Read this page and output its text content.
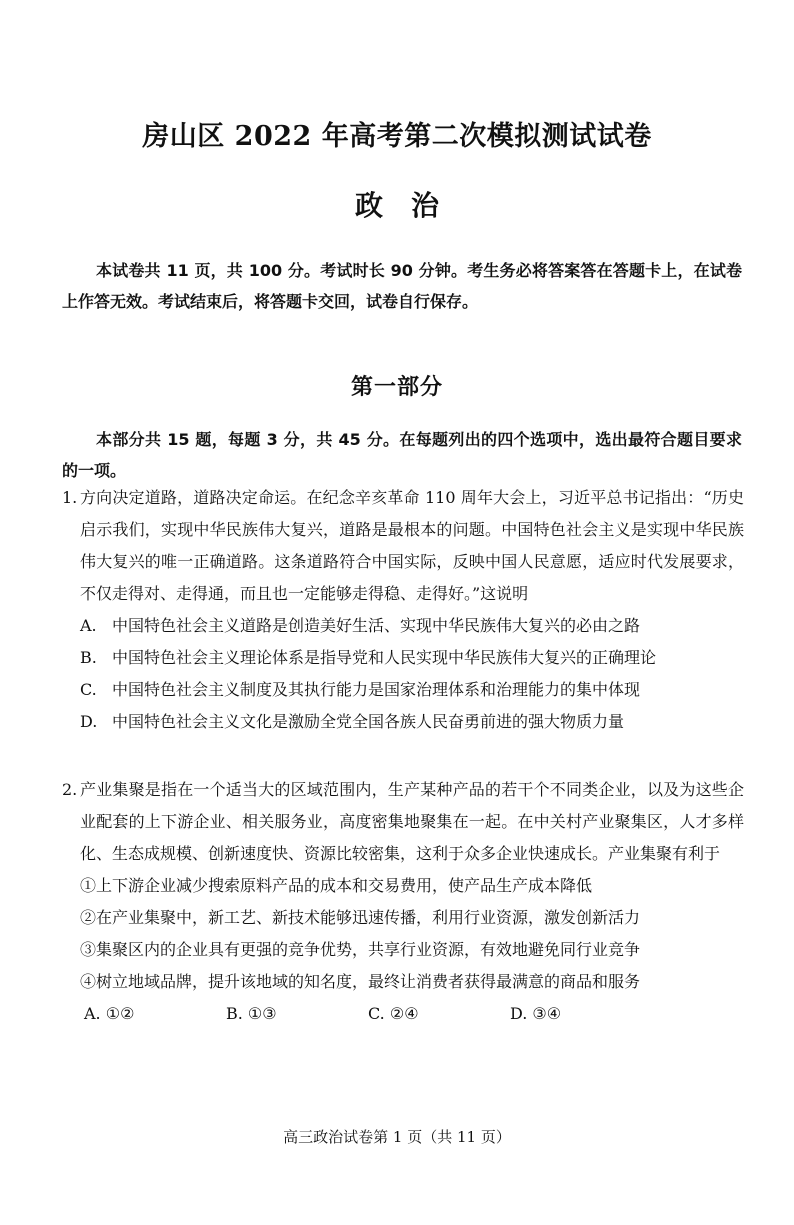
房山区 2022 年高考第二次模拟测试试卷
政治
本试卷共 11 页，共 100 分。考试时长 90 分钟。考生务必将答案答在答题卡上，在试卷上作答无效。考试结束后，将答题卡交回，试卷自行保存。
第一部分
本部分共 15 题，每题 3 分，共 45 分。在每题列出的四个选项中，选出最符合题目要求的一项。
1. 方向决定道路，道路决定命运。在纪念辛亥革命 110 周年大会上，习近平总书记指出：“历史启示我们，实现中华民族伟大复兴，道路是最根本的问题。中国特色社会主义是实现中华民族伟大复兴的唯一正确道路。这条道路符合中国实际，反映中国人民意愿，适应时代发展要求，不仅走得对、走得通，而且也一定能够走得稳、走得好。”这说明
A. 中国特色社会主义道路是创造美好生活、实现中华民族伟大复兴的必由之路
B. 中国特色社会主义理论体系是指导党和人民实现中华民族伟大复兴的正确理论
C. 中国特色社会主义制度及其执行能力是国家治理体系和治理能力的集中体现
D. 中国特色社会主义文化是激励全党全国各族人民奋勇前进的强大物质力量
2. 产业集聚是指在一个适当大的区域范围内，生产某种产品的若干个不同类企业，以及为这些企业配套的上下游企业、相关服务业，高度密集地聚集在一起。在中关村产业聚集区，人才多样化、生态成规模、创新速度快、资源比较密集，这利于众多企业快速成长。产业集聚有利于
①上下游企业减少搜索原料产品的成本和交易费用，使产品生产成本降低
②在产业集聚中，新工艺、新技术能够迅速传播，利用行业资源，激发创新活力
③集聚区内的企业具有更强的竞争优势，共享行业资源，有效地避免同行业竞争
④树立地域品牌，提升该地域的知名度，最终让消费者获得最满意的商品和服务
A. ①②	B. ①③	C. ②④	D. ③④
高三政治试卷第 1 页（共 11 页）
